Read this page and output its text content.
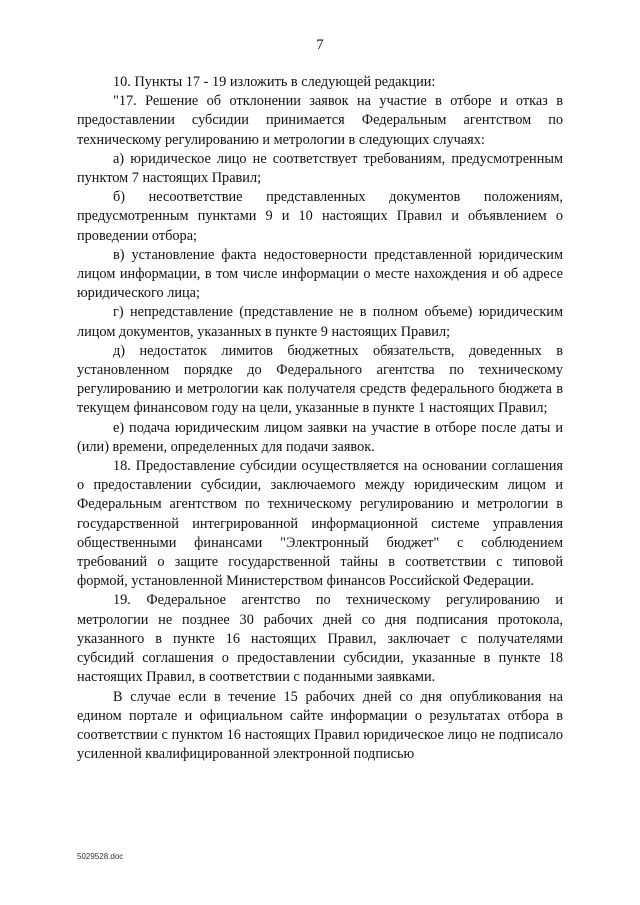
7

10. Пункты 17 - 19 изложить в следующей редакции:

"17. Решение об отклонении заявок на участие в отборе и отказ в предоставлении субсидии принимается Федеральным агентством по техническому регулированию и метрологии в следующих случаях:

а) юридическое лицо не соответствует требованиям, предусмотренным пунктом 7 настоящих Правил;

б) несоответствие представленных документов положениям, предусмотренным пунктами 9 и 10 настоящих Правил и объявлением о проведении отбора;

в) установление факта недостоверности представленной юридическим лицом информации, в том числе информации о месте нахождения и об адресе юридического лица;

г) непредставление (представление не в полном объеме) юридическим лицом документов, указанных в пункте 9 настоящих Правил;

д) недостаток лимитов бюджетных обязательств, доведенных в установленном порядке до Федерального агентства по техническому регулированию и метрологии как получателя средств федерального бюджета в текущем финансовом году на цели, указанные в пункте 1 настоящих Правил;

е) подача юридическим лицом заявки на участие в отборе после даты и (или) времени, определенных для подачи заявок.

18. Предоставление субсидии осуществляется на основании соглашения о предоставлении субсидии, заключаемого между юридическим лицом и Федеральным агентством по техническому регулированию и метрологии в государственной интегрированной информационной системе управления общественными финансами "Электронный бюджет" с соблюдением требований о защите государственной тайны в соответствии с типовой формой, установленной Министерством финансов Российской Федерации.

19. Федеральное агентство по техническому регулированию и метрологии не позднее 30 рабочих дней со дня подписания протокола, указанного в пункте 16 настоящих Правил, заключает с получателями субсидий соглашения о предоставлении субсидии, указанные в пункте 18 настоящих Правил, в соответствии с поданными заявками.

В случае если в течение 15 рабочих дней со дня опубликования на едином портале и официальном сайте информации о результатах отбора в соответствии с пунктом 16 настоящих Правил юридическое лицо не подписало усиленной квалифицированной электронной подписью

5029528.doc
